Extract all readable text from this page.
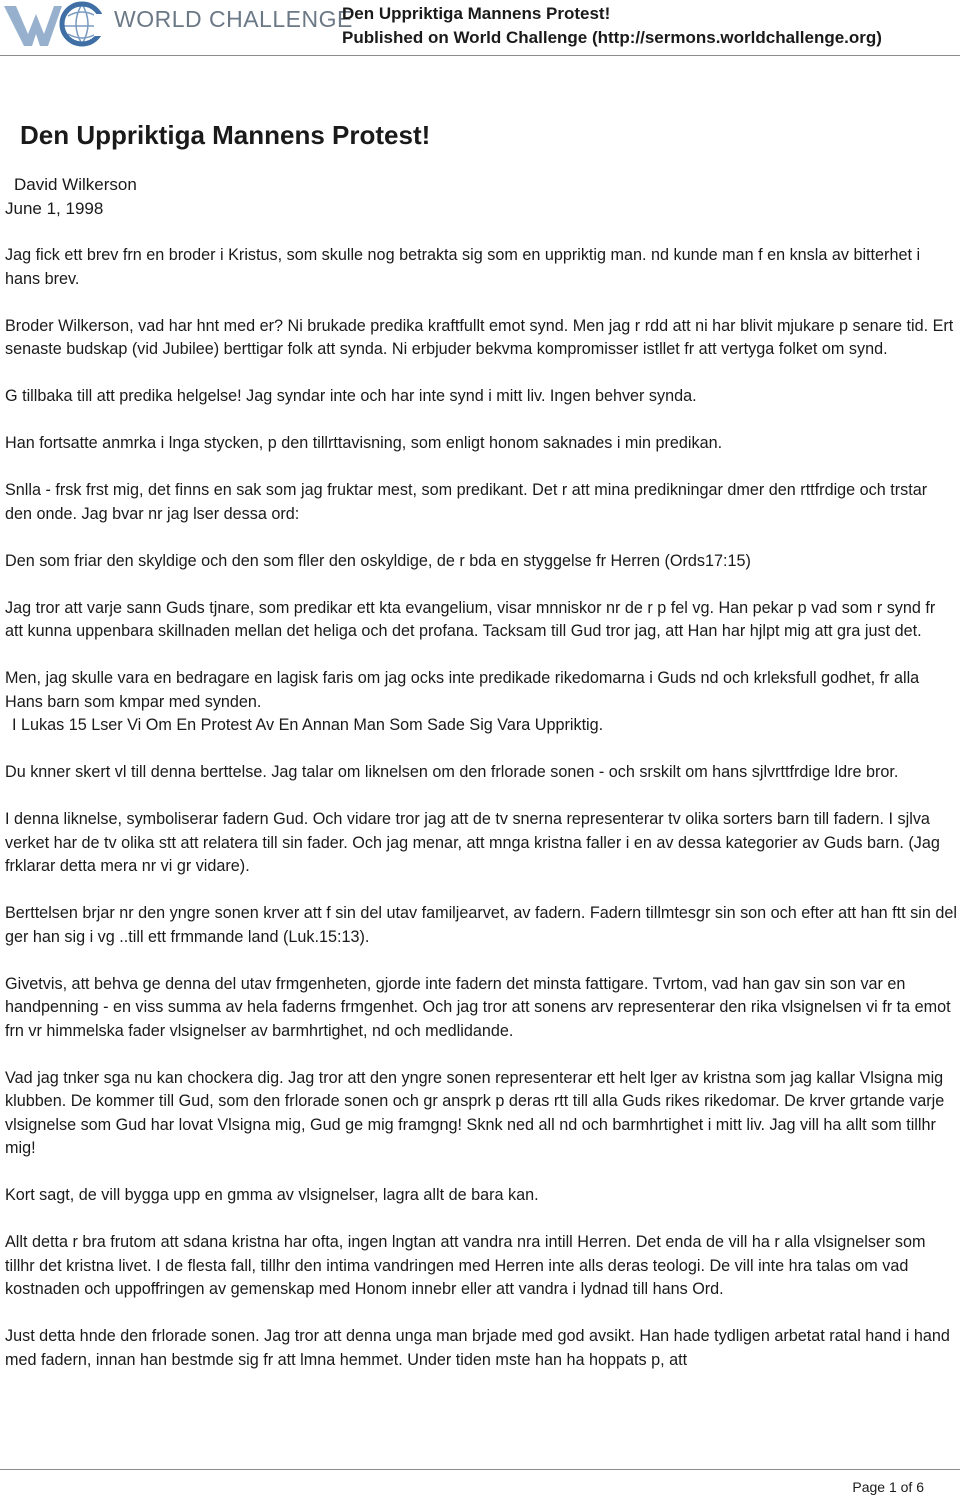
WORLD CHALLENGE
Den Uppriktiga Mannens Protest!
Published on World Challenge (http://sermons.worldchallenge.org)
Den Uppriktiga Mannens Protest!
David Wilkerson
June 1, 1998

Jag fick ett brev frn en broder i Kristus, som skulle nog betrakta sig som en uppriktig man. nd kunde man f en knsla av bitterhet i hans brev.

Broder Wilkerson, vad har hnt med er? Ni brukade predika kraftfullt emot synd. Men jag r rdd att ni har blivit mjukare p senare tid. Ert senaste budskap (vid Jubilee) berttigar folk att synda. Ni erbjuder bekvma kompromisser istllet fr att vertyga folket om synd.

G tillbaka till att predika helgelse! Jag syndar inte och har inte synd i mitt liv. Ingen behver synda.

Han fortsatte anmrka i lnga stycken, p den tillrttavisning, som enligt honom saknades i min predikan.

Snlla - frsk frst mig, det finns en sak som jag fruktar mest, som predikant. Det r att mina predikningar dmer den rttfrdige och trstar den onde. Jag bvar nr jag lser dessa ord:

Den som friar den skyldige och den som fller den oskyldige, de r bda en styggelse fr Herren (Ords17:15)

Jag tror att varje sann Guds tjnare, som predikar ett kta evangelium, visar mnniskor nr de r p fel vg. Han pekar p vad som r synd fr att kunna uppenbara skillnaden mellan det heliga och det profana. Tacksam till Gud tror jag, att Han har hjlpt mig att gra just det.

Men, jag skulle vara en bedragare en lagisk faris om jag ocks inte predikade rikedomarna i Guds nd och krleksfull godhet, fr alla Hans barn som kmpar med synden.

I Lukas 15 Lser Vi Om En Protest Av En Annan Man Som Sade Sig Vara Uppriktig.

Du knner skert vl till denna berttelse. Jag talar om liknelsen om den frlorade sonen - och srskilt om hans sjlvrttfrdige ldre bror.

I denna liknelse, symboliserar fadern Gud. Och vidare tror jag att de tv snerna representerar tv olika sorters barn till fadern. I sjlva verket har de tv olika stt att relatera till sin fader. Och jag menar, att mnga kristna faller i en av dessa kategorier av Guds barn. (Jag frklarar detta mera nr vi gr vidare).

Berttelsen brjar nr den yngre sonen krver att f sin del utav familjearvet, av fadern. Fadern tillmtesgr sin son och efter att han ftt sin del ger han sig i vg ..till ett frmmande land (Luk.15:13).

Givetvis, att behva ge denna del utav frmgenheten, gjorde inte fadern det minsta fattigare. Tvrtom, vad han gav sin son var en handpenning - en viss summa av hela faderns frmgenhet. Och jag tror att sonens arv representerar den rika vlsignelsen vi fr ta emot frn vr himmelska fader vlsignelser av barmhrtighet, nd och medlidande.

Vad jag tnker sga nu kan chockera dig. Jag tror att den yngre sonen representerar ett helt lger av kristna som jag kallar Vlsigna mig klubben. De kommer till Gud, som den frlorade sonen och gr ansprk p deras rtt till alla Guds rikes rikedomar. De krver grtande varje vlsignelse som Gud har lovat Vlsigna mig, Gud ge mig framgng! Sknk ned all nd och barmhrtighet i mitt liv. Jag vill ha allt som tillhr mig!

Kort sagt, de vill bygga upp en gmma av vlsignelser, lagra allt de bara kan.

Allt detta r bra frutom att sdana kristna har ofta, ingen lngtan att vandra nra intill Herren. Det enda de vill ha r alla vlsignelser som tillhr det kristna livet. I de flesta fall, tillhr den intima vandringen med Herren inte alls deras teologi. De vill inte hra talas om vad kostnaden och uppoffringen av gemenskap med Honom innebr eller att vandra i lydnad till hans Ord.

Just detta hnde den frlorade sonen. Jag tror att denna unga man brjade med god avsikt. Han hade tydligen arbetat ratal hand i hand med fadern, innan han bestmde sig fr att lmna hemmet. Under tiden mste han ha hoppats p, att

Page 1 of 6
